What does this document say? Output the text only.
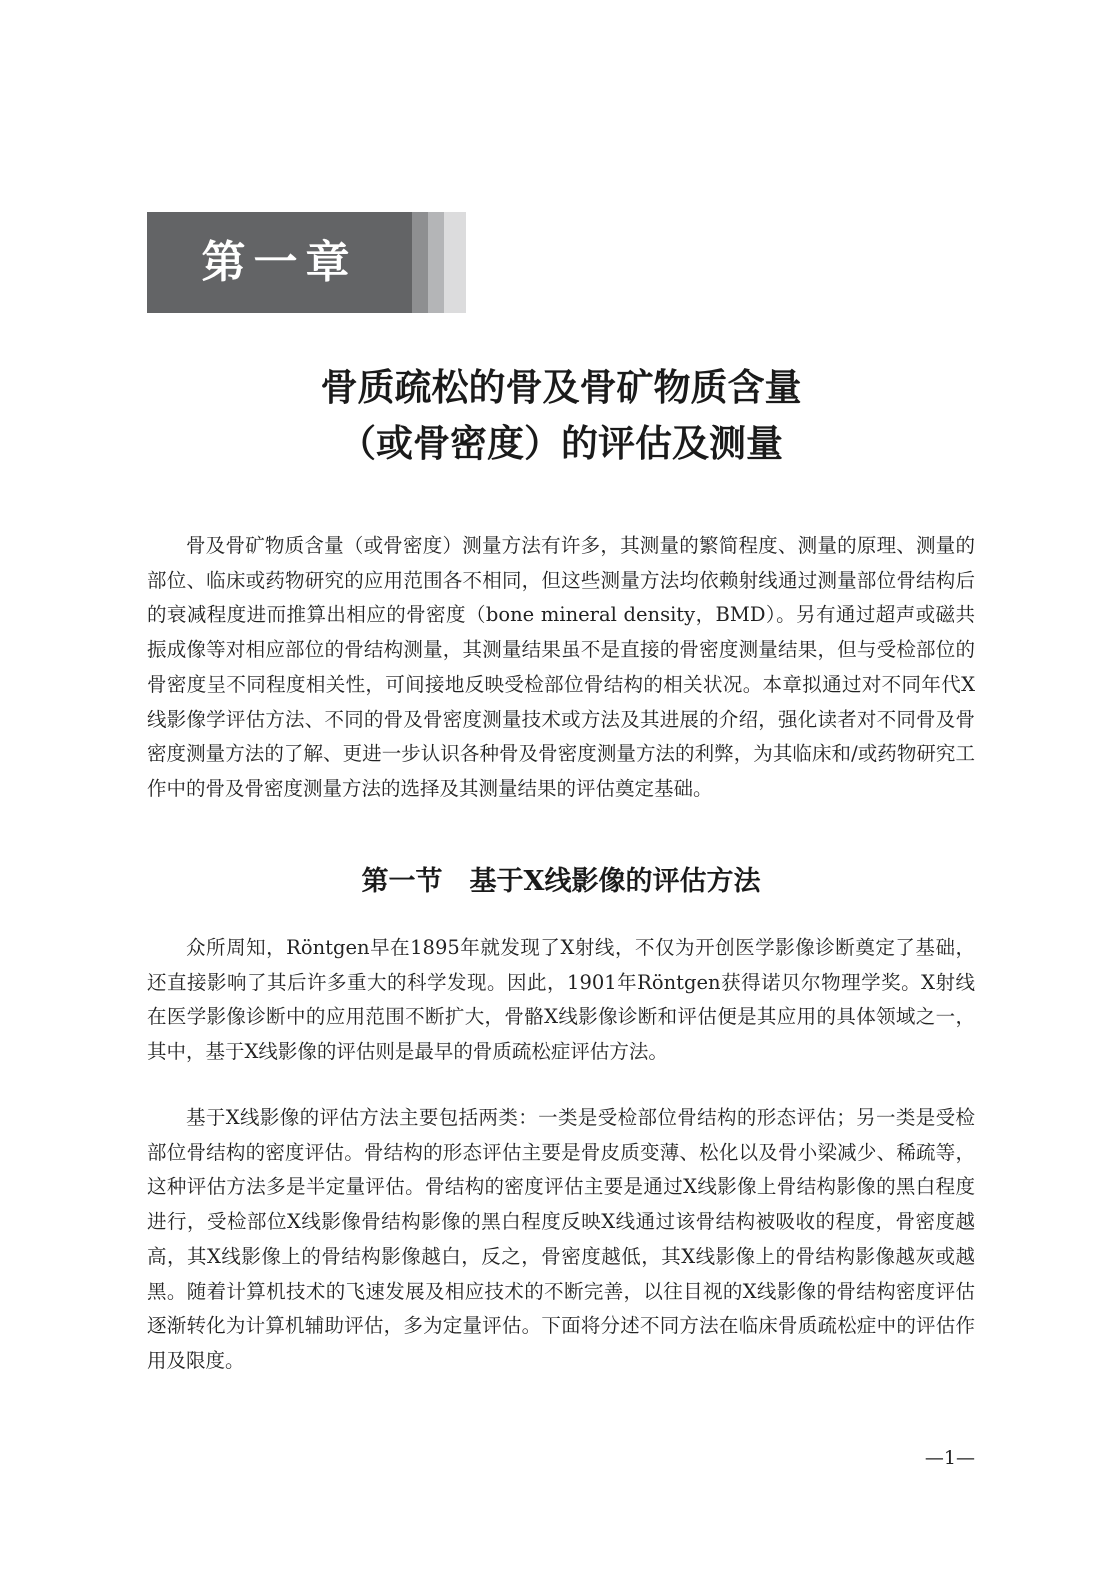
第一章
骨质疏松的骨及骨矿物质含量
（或骨密度）的评估及测量

骨及骨矿物质含量（或骨密度）测量方法有许多，其测量的繁简程度、测量的原理、测量的部位、临床或药物研究的应用范围各不相同，但这些测量方法均依赖射线通过测量部位骨结构后的衰减程度进而推算出相应的骨密度（bone mineral density，BMD）。另有通过超声或磁共振成像等对相应部位的骨结构测量，其测量结果虽不是直接的骨密度测量结果，但与受检部位的骨密度呈不同程度相关性，可间接地反映受检部位骨结构的相关状况。本章拟通过对不同年代X线影像学评估方法、不同的骨及骨密度测量技术或方法及其进展的介绍，强化读者对不同骨及骨密度测量方法的了解、更进一步认识各种骨及骨密度测量方法的利弊，为其临床和/或药物研究工作中的骨及骨密度测量方法的选择及其测量结果的评估奠定基础。

第一节　基于X线影像的评估方法

众所周知，Röntgen早在1895年就发现了X射线，不仅为开创医学影像诊断奠定了基础，还直接影响了其后许多重大的科学发现。因此，1901年Röntgen获得诺贝尔物理学奖。X射线在医学影像诊断中的应用范围不断扩大，骨骼X线影像诊断和评估便是其应用的具体领域之一，其中，基于X线影像的评估则是最早的骨质疏松症评估方法。

基于X线影像的评估方法主要包括两类：一类是受检部位骨结构的形态评估；另一类是受检部位骨结构的密度评估。骨结构的形态评估主要是骨皮质变薄、松化以及骨小梁减少、稀疏等，这种评估方法多是半定量评估。骨结构的密度评估主要是通过X线影像上骨结构影像的黑白程度进行，受检部位X线影像骨结构影像的黑白程度反映X线通过该骨结构被吸收的程度，骨密度越高，其X线影像上的骨结构影像越白，反之，骨密度越低，其X线影像上的骨结构影像越灰或越黑。随着计算机技术的飞速发展及相应技术的不断完善，以往目视的X线影像的骨结构密度评估逐渐转化为计算机辅助评估，多为定量评估。下面将分述不同方法在临床骨质疏松症中的评估作用及限度。

—1—
